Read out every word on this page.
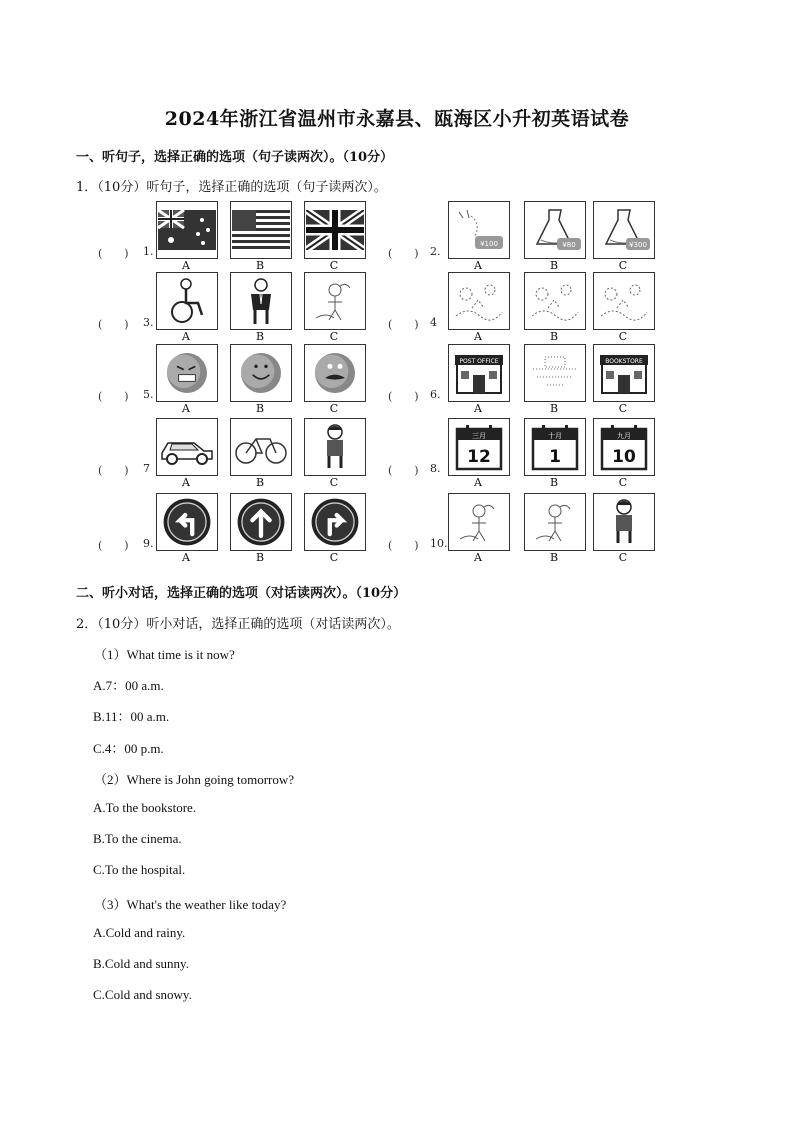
2024年浙江省温州市永嘉县、瓯海区小升初英语试卷
一、听句子，选择正确的选项（句子读两次）。（10分）
1．（10分）听句子，选择正确的选项（句子读两次）。
(　　) 1.
A	B	C
(　　) 2.
¥100
A
¥80
B
¥300
C
(　　) 3.
A	B	C
(　　) 4
A	B	C
(　　) 5.
A	B	C
(　　) 6.
POST OFFICE
A	B
BOOKSTORE
C
(　　) 7
A	B	C
(　　) 8.
三月
12
A
十月
1
B
九月
10
C
(　　) 9.
A	B	C
(　　) 10.
A	B	C
二、听小对话，选择正确的选项（对话读两次）。（10分）
2．（10分）听小对话，选择正确的选项（对话读两次）。
（1）What time is it now?
A.7：00 a.m.
B.11：00 a.m.
C.4：00 p.m.
（2）Where is John going tomorrow?
A.To the bookstore.
B.To the cinema.
C.To the hospital.
（3）What's the weather like today?
A.Cold and rainy.
B.Cold and sunny.
C.Cold and snowy.
